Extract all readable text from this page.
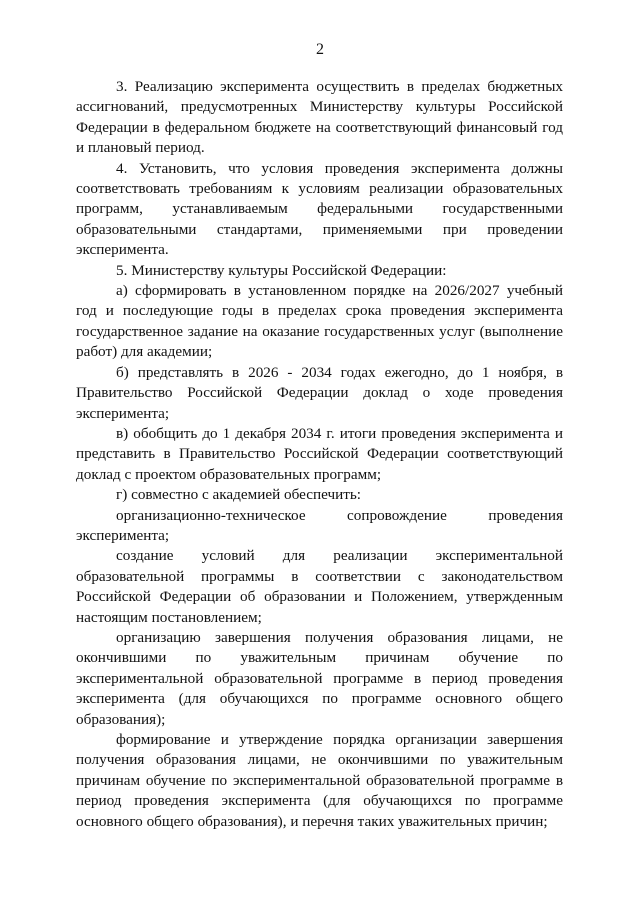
2

3. Реализацию эксперимента осуществить в пределах бюджетных ассигнований, предусмотренных Министерству культуры Российской Федерации в федеральном бюджете на соответствующий финансовый год и плановый период.

4. Установить, что условия проведения эксперимента должны соответствовать требованиям к условиям реализации образовательных программ, устанавливаемым федеральными государственными образовательными стандартами, применяемыми при проведении эксперимента.

5. Министерству культуры Российской Федерации:

а) сформировать в установленном порядке на 2026/2027 учебный год и последующие годы в пределах срока проведения эксперимента государственное задание на оказание государственных услуг (выполнение работ) для академии;

б) представлять в 2026 - 2034 годах ежегодно, до 1 ноября, в Правительство Российской Федерации доклад о ходе проведения эксперимента;

в) обобщить до 1 декабря 2034 г. итоги проведения эксперимента и представить в Правительство Российской Федерации соответствующий доклад с проектом образовательных программ;

г) совместно с академией обеспечить:

организационно-техническое сопровождение проведения эксперимента;

создание условий для реализации экспериментальной образовательной программы в соответствии с законодательством Российской Федерации об образовании и Положением, утвержденным настоящим постановлением;

организацию завершения получения образования лицами, не окончившими по уважительным причинам обучение по экспериментальной образовательной программе в период проведения эксперимента (для обучающихся по программе основного общего образования);

формирование и утверждение порядка организации завершения получения образования лицами, не окончившими по уважительным причинам обучение по экспериментальной образовательной программе в период проведения эксперимента (для обучающихся по программе основного общего образования), и перечня таких уважительных причин;
